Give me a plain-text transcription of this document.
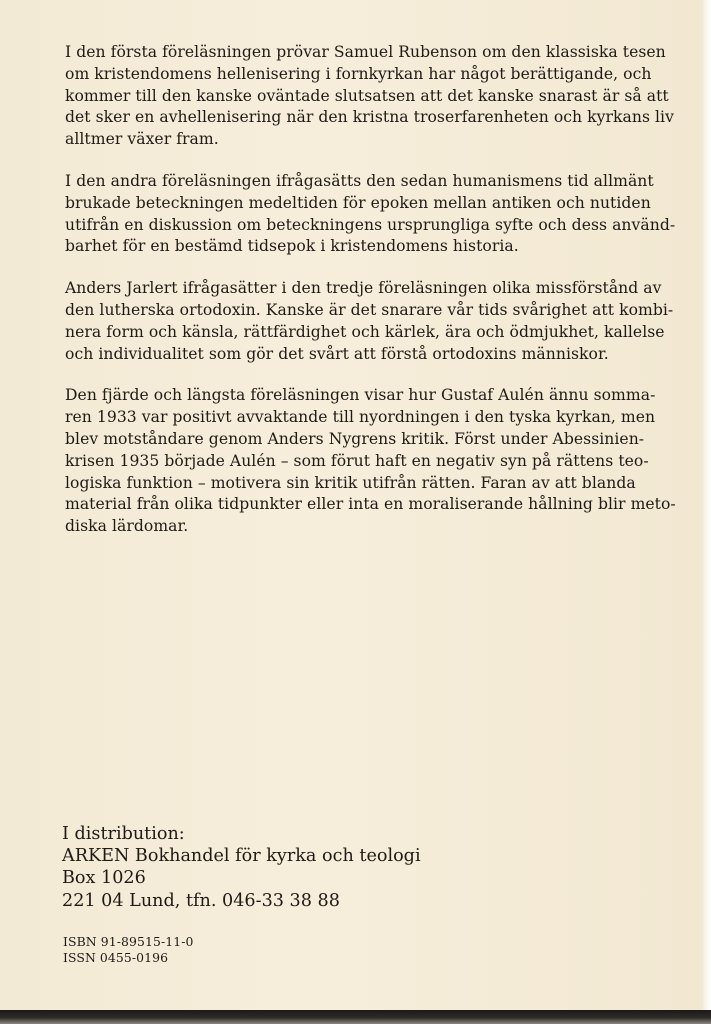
I den första föreläsningen prövar Samuel Rubenson om den klassiska tesen
om kristendomens hellenisering i fornkyrkan har något berättigande, och
kommer till den kanske oväntade slutsatsen att det kanske snarast är så att
det sker en avhellenisering när den kristna troserfarenheten och kyrkans liv
alltmer växer fram.

I den andra föreläsningen ifrågasätts den sedan humanismens tid allmänt
brukade beteckningen medeltiden för epoken mellan antiken och nutiden
utifrån en diskussion om beteckningens ursprungliga syfte och dess använd-
barhet för en bestämd tidsepok i kristendomens historia.

Anders Jarlert ifrågasätter i den tredje föreläsningen olika missförstånd av
den lutherska ortodoxin. Kanske är det snarare vår tids svårighet att kombi-
nera form och känsla, rättfärdighet och kärlek, ära och ödmjukhet, kallelse
och individualitet som gör det svårt att förstå ortodoxins människor.

Den fjärde och längsta föreläsningen visar hur Gustaf Aulén ännu somma-
ren 1933 var positivt avvaktande till nyordningen i den tyska kyrkan, men
blev motståndare genom Anders Nygrens kritik. Först under Abessinien-
krisen 1935 började Aulén – som förut haft en negativ syn på rättens teo-
logiska funktion – motivera sin kritik utifrån rätten. Faran av att blanda
material från olika tidpunkter eller inta en moraliserande hållning blir meto-
diska lärdomar.

I distribution:
ARKEN Bokhandel för kyrka och teologi
Box 1026
221 04 Lund, tfn. 046-33 38 88
ISBN 91-89515-11-0
ISSN 0455-0196
